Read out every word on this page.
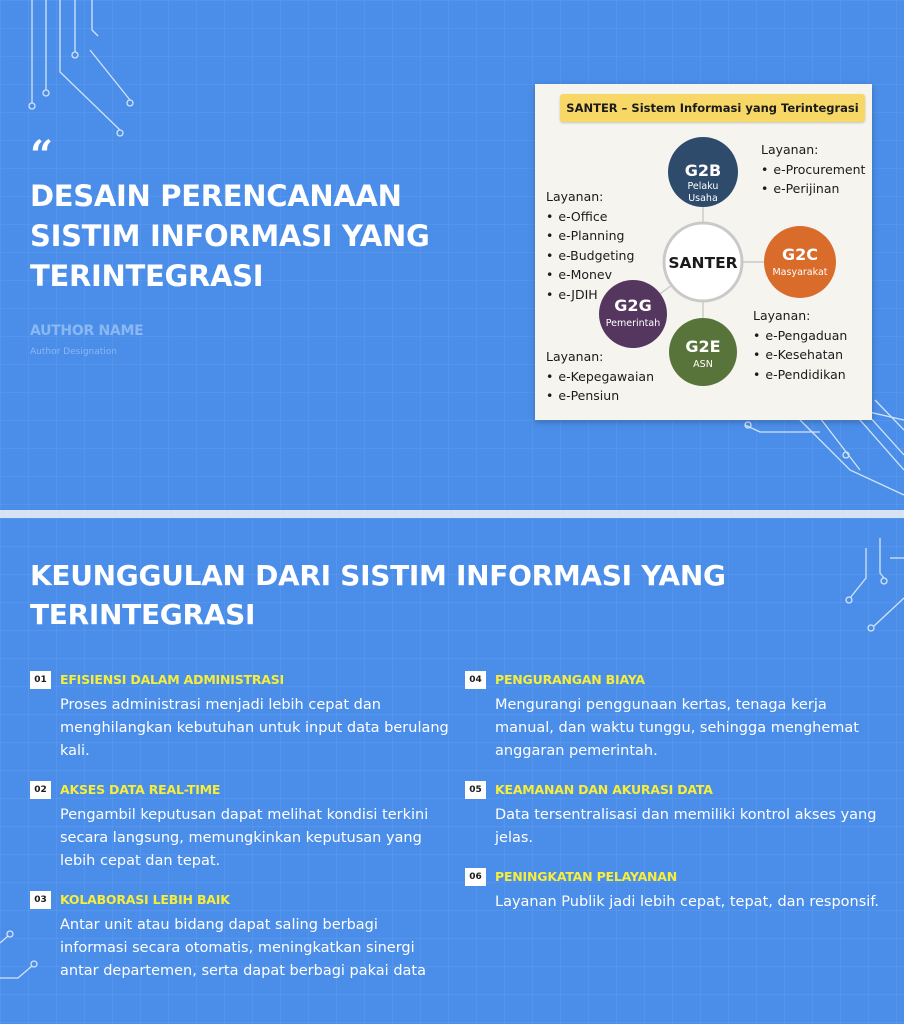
“
DESAIN PERENCANAAN SISTIM INFORMASI YANG TERINTEGRASI
AUTHOR NAME
Author Designation
SANTER
G2B
Pelaku
Usaha
G2C
Masyarakat
G2E
ASN
G2G
Pemerintah
SANTER – Sistem Informasi yang Terintegrasi
Layanan:
• e-Procurement
• e-Perijinan
Layanan:
• e-Office
• e-Planning
• e-Budgeting
• e-Monev
• e-JDIH
Layanan:
• e-Pengaduan
• e-Kesehatan
• e-Pendidikan
Layanan:
• e-Kepegawaian
• e-Pensiun
KEUNGGULAN DARI SISTIM INFORMASI YANG TERINTEGRASI
01	EFISIENSI DALAM ADMINISTRASI
Proses administrasi menjadi lebih cepat dan menghilangkan kebutuhan untuk input data berulang kali.
02	AKSES DATA REAL-TIME
Pengambil keputusan dapat melihat kondisi terkini secara langsung, memungkinkan keputusan yang lebih cepat dan tepat.
03	KOLABORASI LEBIH BAIK
Antar unit atau bidang dapat saling berbagi informasi secara otomatis, meningkatkan sinergi antar departemen, serta dapat berbagi pakai data
04	PENGURANGAN BIAYA
Mengurangi penggunaan kertas, tenaga kerja manual, dan waktu tunggu, sehingga menghemat anggaran pemerintah.
05	KEAMANAN DAN AKURASI DATA
Data tersentralisasi dan memiliki kontrol akses yang jelas.
06	PENINGKATAN PELAYANAN
Layanan Publik jadi lebih cepat, tepat, dan responsif.
